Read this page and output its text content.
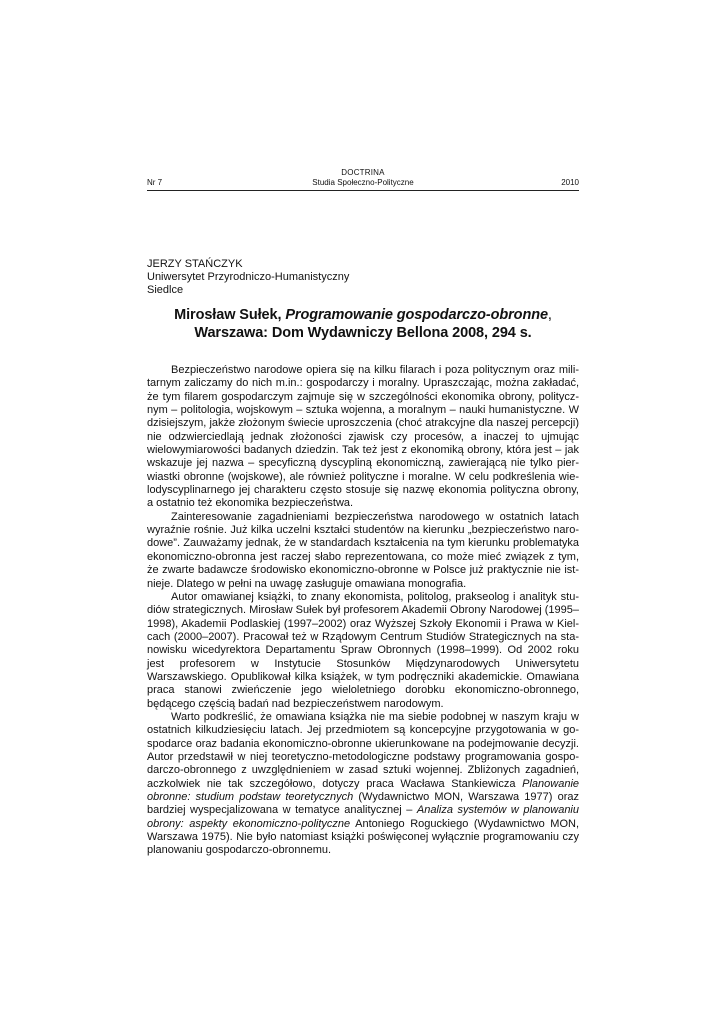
DOCTRINA
Nr 7	Studia Społeczno-Polityczne	2010
JERZY STAŃCZYK
Uniwersytet Przyrodniczo-Humanistyczny
Siedlce
Mirosław Sułek, Programowanie gospodarczo-obronne,
Warszawa: Dom Wydawniczy Bellona 2008, 294 s.

Bezpieczeństwo narodowe opiera się na kilku filarach i poza politycznym oraz militarnym zaliczamy do nich m.in.: gospodarczy i moralny. Upraszczając, można zakładać, że tym filarem gospodarczym zajmuje się w szczególności ekonomika obrony, politycznym – politologia, wojskowym – sztuka wojenna, a moralnym – nauki humanistyczne. W dzisiejszym, jakże złożonym świecie uproszczenia (choć atrakcyjne dla naszej percepcji) nie odzwierciedlają jednak złożoności zjawisk czy procesów, a inaczej to ujmując wielowymiarowości badanych dziedzin. Tak też jest z ekonomiką obrony, która jest – jak wskazuje jej nazwa – specyficzną dyscypliną ekonomiczną, zawierającą nie tylko pierwiastki obronne (wojskowe), ale również polityczne i moralne. W celu podkreślenia wielodyscyplinarnego jej charakteru często stosuje się nazwę ekonomia polityczna obrony, a ostatnio też ekonomika bezpieczeństwa.

Zainteresowanie zagadnieniami bezpieczeństwa narodowego w ostatnich latach wyraźnie rośnie. Już kilka uczelni kształci studentów na kierunku „bezpieczeństwo narodowe”. Zauważamy jednak, że w standardach kształcenia na tym kierunku problematyka ekonomiczno-obronna jest raczej słabo reprezentowana, co może mieć związek z tym, że zwarte badawcze środowisko ekonomiczno-obronne w Polsce już praktycznie nie istnieje. Dlatego w pełni na uwagę zasługuje omawiana monografia.

Autor omawianej książki, to znany ekonomista, politolog, prakseolog i analityk studiów strategicznych. Mirosław Sułek był profesorem Akademii Obrony Narodowej (1995–1998), Akademii Podlaskiej (1997–2002) oraz Wyższej Szkoły Ekonomii i Prawa w Kielcach (2000–2007). Pracował też w Rządowym Centrum Studiów Strategicznych na stanowisku wicedyrektora Departamentu Spraw Obronnych (1998–1999). Od 2002 roku jest profesorem w Instytucie Stosunków Międzynarodowych Uniwersytetu Warszawskiego. Opublikował kilka książek, w tym podręczniki akademickie. Omawiana praca stanowi zwieńczenie jego wieloletniego dorobku ekonomiczno-obronnego, będącego częścią badań nad bezpieczeństwem narodowym.

Warto podkreślić, że omawiana książka nie ma siebie podobnej w naszym kraju w ostatnich kilkudziesięciu latach. Jej przedmiotem są koncepcyjne przygotowania w gospodarce oraz badania ekonomiczno-obronne ukierunkowane na podejmowanie decyzji. Autor przedstawił w niej teoretyczno-metodologiczne podstawy programowania gospodarczo-obronnego z uwzględnieniem w zasad sztuki wojennej. Zbliżonych zagadnień, aczkolwiek nie tak szczegółowo, dotyczy praca Wacława Stankiewicza Planowanie obronne: studium podstaw teoretycznych (Wydawnictwo MON, Warszawa 1977) oraz bardziej wyspecjalizowana w tematyce analitycznej – Analiza systemów w planowaniu obrony: aspekty ekonomiczno-polityczne Antoniego Roguckiego (Wydawnictwo MON, Warszawa 1975). Nie było natomiast książki poświęconej wyłącznie programowaniu czy planowaniu gospodarczo-obronnemu.
